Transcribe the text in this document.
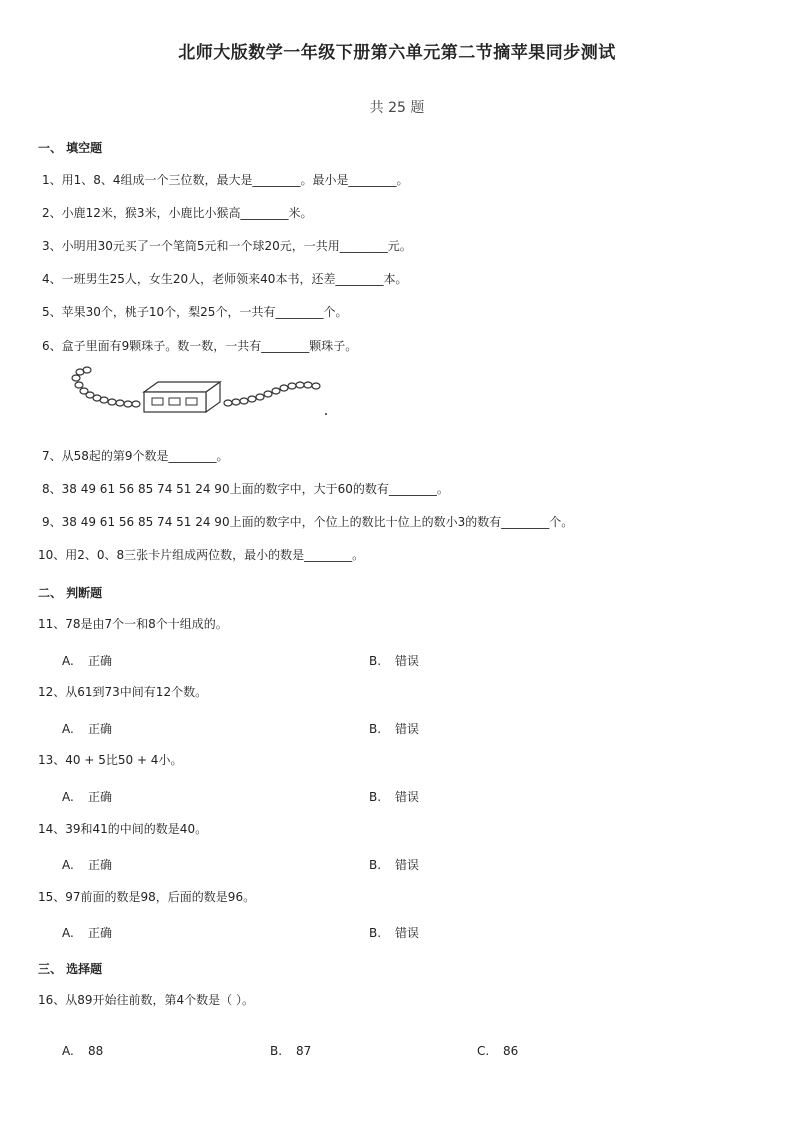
北师大版数学一年级下册第六单元第二节摘苹果同步测试
共 25 题
一、 填空题
1、用1、8、4组成一个三位数，最大是________。最小是________。
2、小鹿12米，猴3米，小鹿比小猴高________米。
3、小明用30元买了一个笔筒5元和一个球20元，一共用________元。
4、一班男生25人，女生20人，老师领来40本书，还差________本。
5、苹果30个，桃子10个，梨25个，一共有________个。
6、盒子里面有9颗珠子。数一数，一共有________颗珠子。
7、从58起的第9个数是________。
8、38 49 61 56 85 74 51 24 90上面的数字中，大于60的数有________。
9、38 49 61 56 85 74 51 24 90上面的数字中，个位上的数比十位上的数小3的数有________个。
10、用2、0、8三张卡片组成两位数，最小的数是________。
二、 判断题
11、78是由7个一和8个十组成的。
A. 正确	B. 错误
12、从61到73中间有12个数。
A. 正确	B. 错误
13、40 + 5比50 + 4小。
A. 正确	B. 错误
14、39和41的中间的数是40。
A. 正确	B. 错误
15、97前面的数是98，后面的数是96。
A. 正确	B. 错误
三、 选择题
16、从89开始往前数，第4个数是（ ）。
A. 88	B. 87	C. 86
